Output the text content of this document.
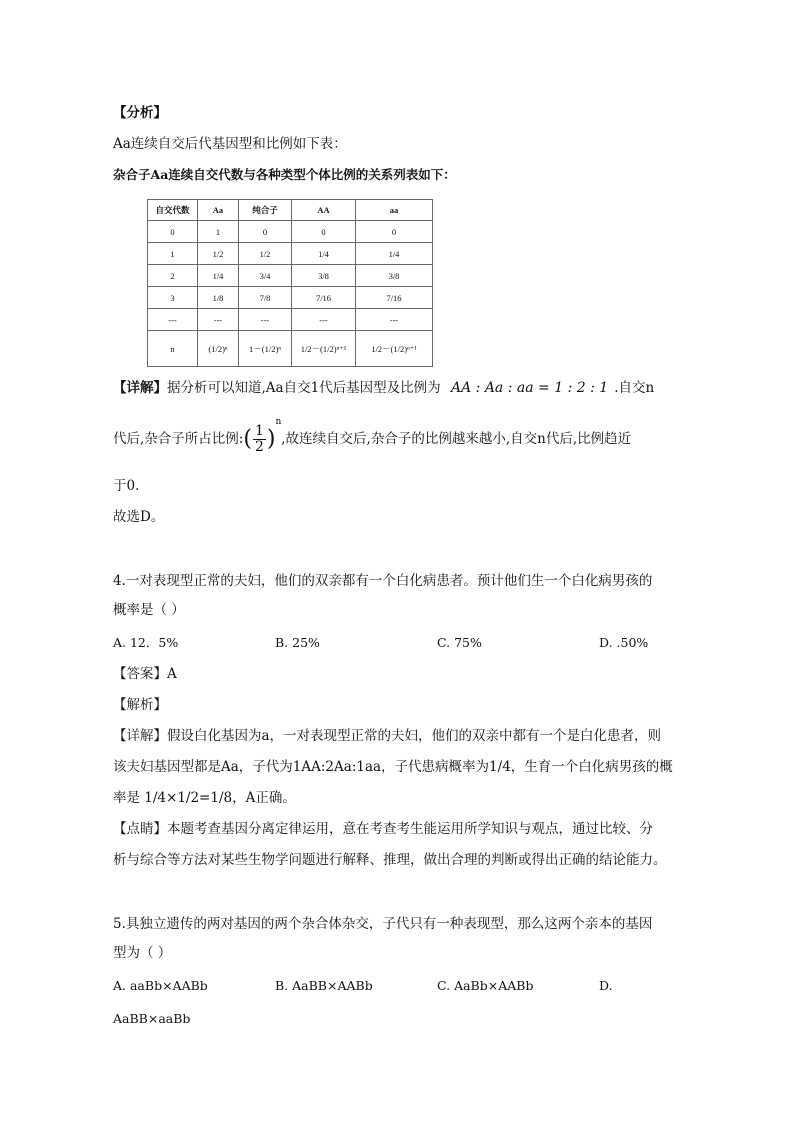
【分析】
Aa连续自交后代基因型和比例如下表：
杂合子Aa连续自交代数与各种类型个体比例的关系列表如下：
自交代数	Aa	纯合子	AA	aa
0	1	0	0	0
1	1/2	1/2	1/4	1/4
2	1/4	3/4	3/8	3/8
3	1/8	7/8	7/16	7/16
---	---	---	---	---
n	(1/2)ⁿ	1－(1/2)ⁿ	1/2－(1/2)ⁿ⁺¹	1/2－(1/2)ⁿ⁺¹
【详解】据分析可以知道,Aa自交1代后基因型及比例为 AA : Aa : aa = 1 : 2 : 1 .自交n
代后,杂合子所占比例:( $\frac{1}{2} )^n$,故连续自交后,杂合子的比例越来越小,自交n代后,比例趋近
于0.
故选D。
4.一对表现型正常的夫妇，他们的双亲都有一个白化病患者。预计他们生一个白化病男孩的
概率是（ ）
A. 12．5%	B. 25%	C. 75%	D. .50%
【答案】A
【解析】
【详解】假设白化基因为a，一对表现型正常的夫妇，他们的双亲中都有一个是白化患者，则
该夫妇基因型都是Aa，子代为1AA:2Aa:1aa，子代患病概率为1/4，生育一个白化病男孩的概
率是 1/4×1/2=1/8，A正确。
【点睛】本题考查基因分离定律运用，意在考查考生能运用所学知识与观点，通过比较、分
析与综合等方法对某些生物学问题进行解释、推理，做出合理的判断或得出正确的结论能力。
5.具独立遗传的两对基因的两个杂合体杂交，子代只有一种表现型，那么这两个亲本的基因
型为（ ）
A. aaBb×AABb	B. AaBB×AABb	C. AaBb×AABb	D.
AaBB×aaBb
